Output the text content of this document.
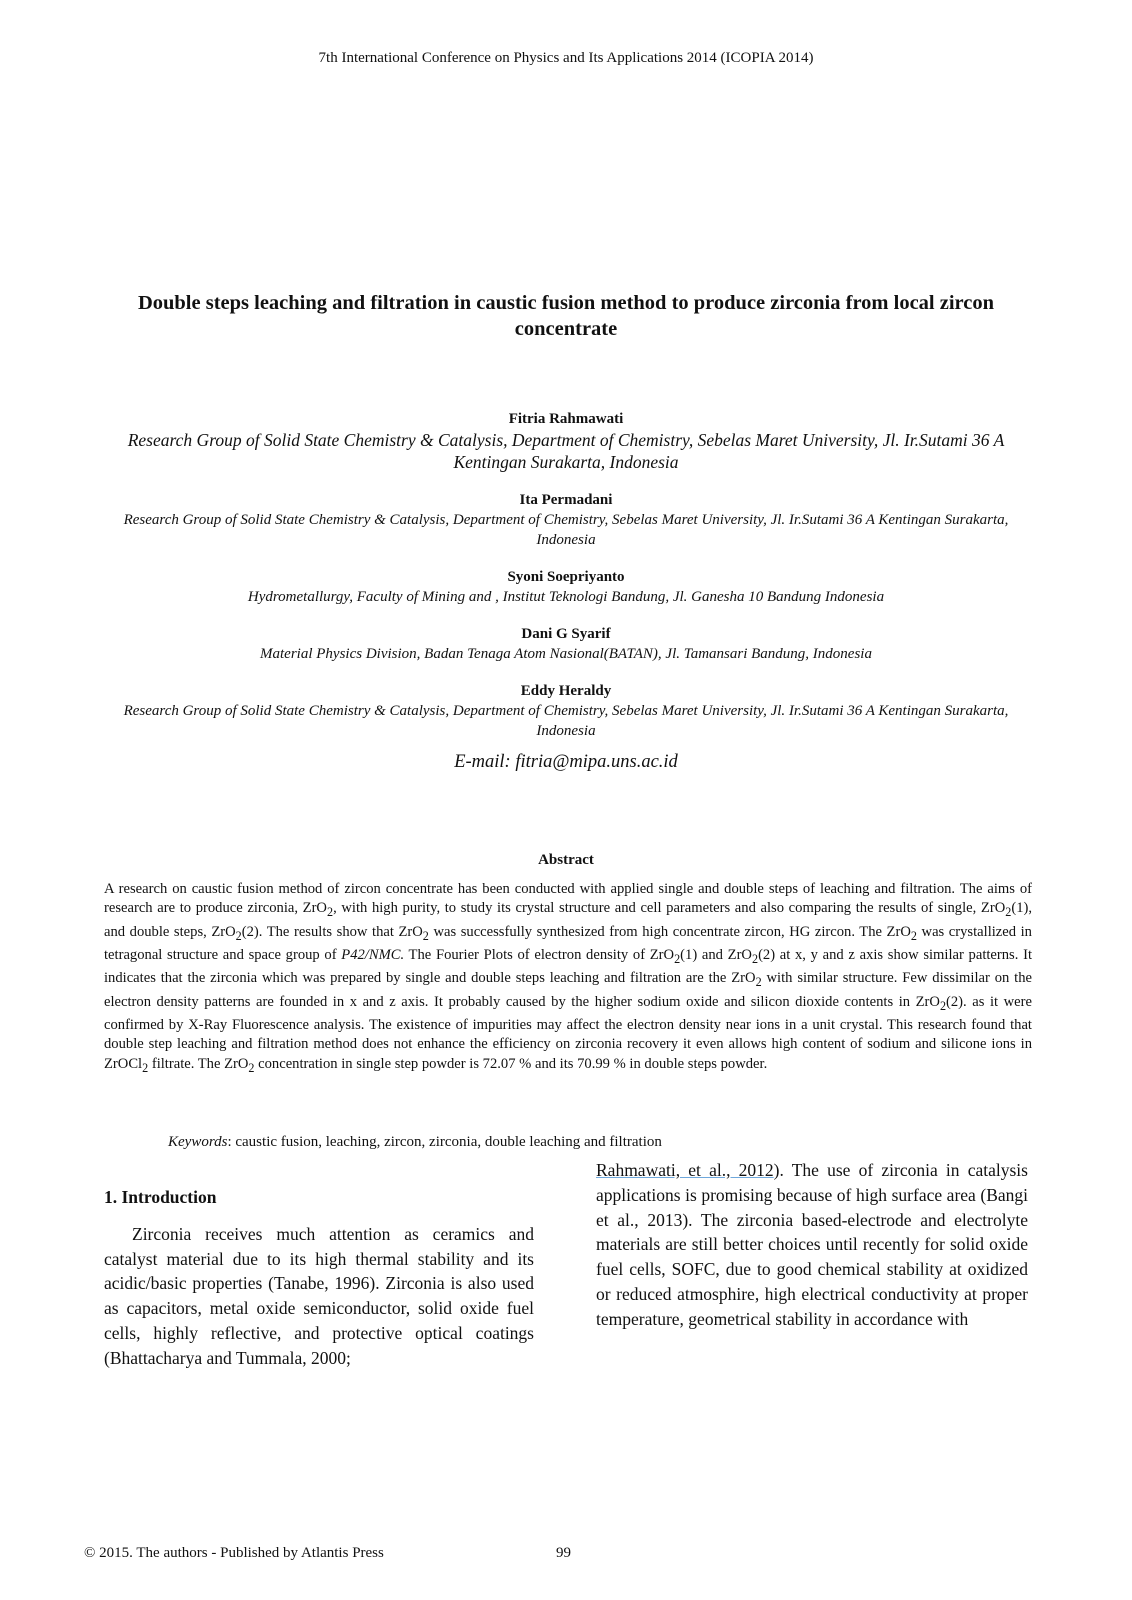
7th International Conference on Physics and Its Applications 2014 (ICOPIA 2014)
Double steps leaching and filtration in caustic fusion method to produce zirconia from local zircon concentrate
Fitria Rahmawati
Research Group of Solid State Chemistry & Catalysis, Department of Chemistry, Sebelas Maret University, Jl. Ir.Sutami 36 A Kentingan Surakarta, Indonesia
Ita Permadani
Research Group of Solid State Chemistry & Catalysis, Department of Chemistry, Sebelas Maret University, Jl. Ir.Sutami 36 A Kentingan Surakarta, Indonesia
Syoni Soepriyanto
Hydrometallurgy, Faculty of Mining and , Institut Teknologi Bandung, Jl. Ganesha 10 Bandung Indonesia
Dani G Syarif
Material Physics Division, Badan Tenaga Atom Nasional(BATAN), Jl. Tamansari Bandung, Indonesia
Eddy Heraldy
Research Group of Solid State Chemistry & Catalysis, Department of Chemistry, Sebelas Maret University, Jl. Ir.Sutami 36 A Kentingan Surakarta, Indonesia
E-mail: fitria@mipa.uns.ac.id
Abstract

A research on caustic fusion method of zircon concentrate has been conducted with applied single and double steps of leaching and filtration. The aims of research are to produce zirconia, ZrO$_2$, with high purity, to study its crystal structure and cell parameters and also comparing the results of single, ZrO$_2$(1), and double steps, ZrO$_2$(2). The results show that ZrO$_2$ was successfully synthesized from high concentrate zircon, HG zircon. The ZrO$_2$ was crystallized in tetragonal structure and space group of P42/NMC. The Fourier Plots of electron density of ZrO$_2$(1) and ZrO$_2$(2) at x, y and z axis show similar patterns. It indicates that the zirconia which was prepared by single and double steps leaching and filtration are the ZrO$_2$ with similar structure. Few dissimilar on the electron density patterns are founded in x and z axis. It probably caused by the higher sodium oxide and silicon dioxide contents in ZrO$_2$(2). as it were confirmed by X-Ray Fluorescence analysis. The existence of impurities may affect the electron density near ions in a unit crystal. This research found that double step leaching and filtration method does not enhance the efficiency on zirconia recovery it even allows high content of sodium and silicone ions in ZrOCl$_2$ filtrate. The ZrO$_2$ concentration in single step powder is 72.07 % and its 70.99 % in double steps powder.

Keywords: caustic fusion, leaching, zircon, zirconia, double leaching and filtration
1. Introduction

Zirconia receives much attention as ceramics and catalyst material due to its high thermal stability and its acidic/basic properties (Tanabe, 1996). Zirconia is also used as capacitors, metal oxide semiconductor, solid oxide fuel cells, highly reflective, and protective optical coatings (Bhattacharya and Tummala, 2000;

Rahmawati, et al., 2012). The use of zirconia in catalysis applications is promising because of high surface area (Bangi et al., 2013). The zirconia based-electrode and electrolyte materials are still better choices until recently for solid oxide fuel cells, SOFC, due to good chemical stability at oxidized or reduced atmosphire, high electrical conductivity at proper temperature, geometrical stability in accordance with

© 2015. The authors - Published by Atlantis Press	99
